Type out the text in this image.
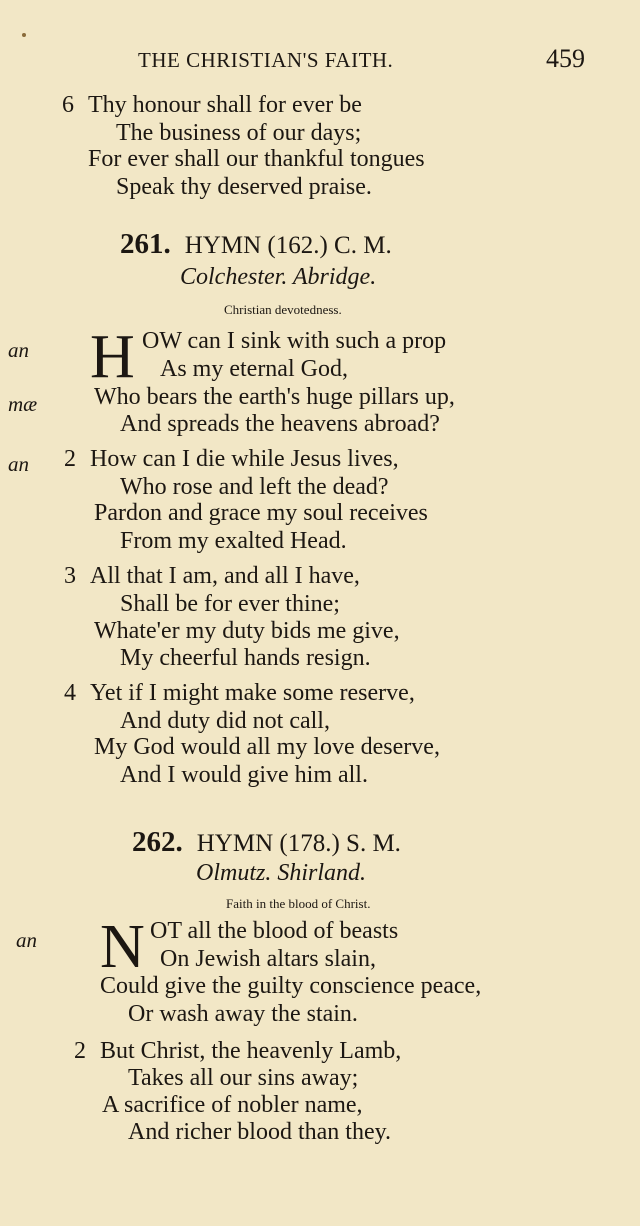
THE CHRISTIAN'S FAITH.	459
6 Thy honour shall for ever be
The business of our days;
For ever shall our thankful tongues
Speak thy deserved praise.
261. HYMN (162.) C. M.
Colchester. Abridge.
Christian devotedness.
an H OW can I sink with such a prop
As my eternal God,
mæ Who bears the earth's huge pillars up,
And spreads the heavens abroad?
an 2 How can I die while Jesus lives,
Who rose and left the dead?
Pardon and grace my soul receives
From my exalted Head.
3 All that I am, and all I have,
Shall be for ever thine;
Whate'er my duty bids me give,
My cheerful hands resign.
4 Yet if I might make some reserve,
And duty did not call,
My God would all my love deserve,
And I would give him all.
262. HYMN (178.) S. M.
Olmutz. Shirland.
Faith in the blood of Christ.
an N OT all the blood of beasts
On Jewish altars slain,
Could give the guilty conscience peace,
Or wash away the stain.
2 But Christ, the heavenly Lamb,
Takes all our sins away;
A sacrifice of nobler name,
And richer blood than they.
